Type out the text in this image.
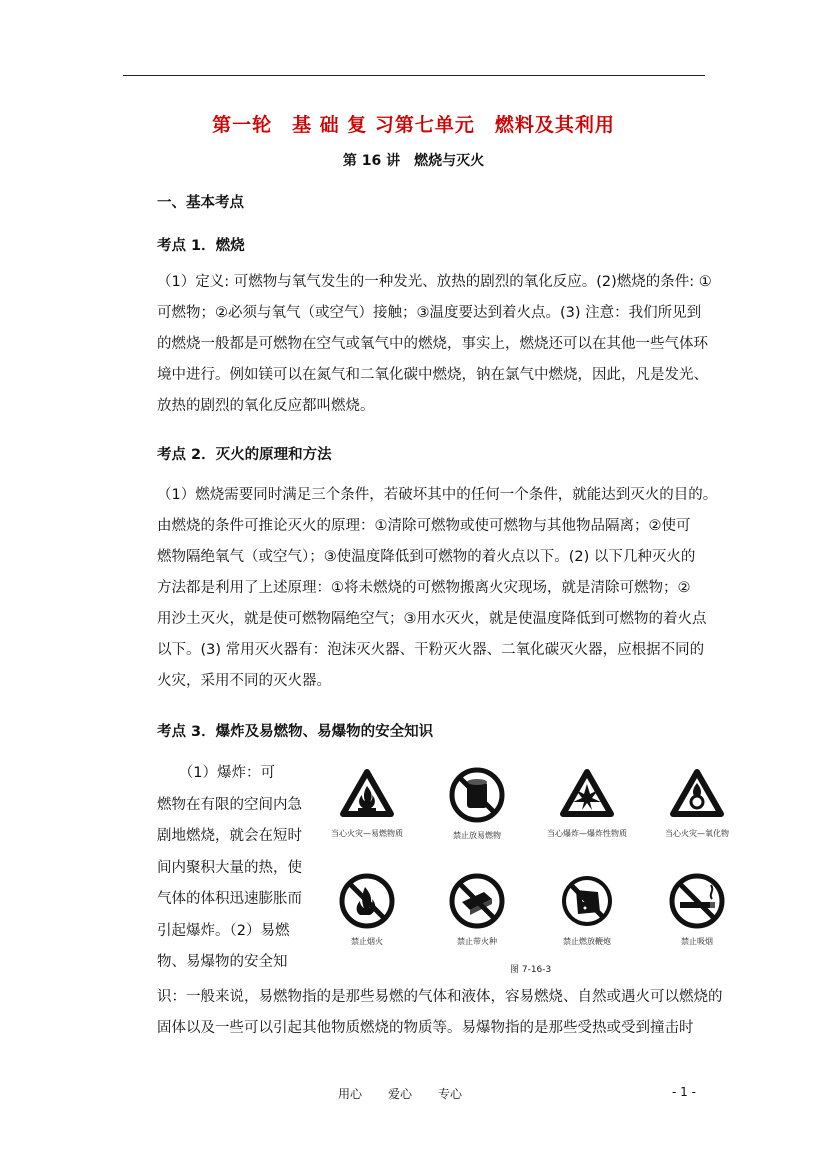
第一轮　基 础 复 习第七单元　燃料及其利用
第 16 讲　燃烧与灭火
一、基本考点
考点 1．燃烧
（1）定义: 可燃物与氧气发生的一种发光、放热的剧烈的氧化反应。(2)燃烧的条件: ①
可燃物；②必须与氧气（或空气）接触；③温度要达到着火点。(3) 注意：我们所见到
的燃烧一般都是可燃物在空气或氧气中的燃烧，事实上，燃烧还可以在其他一些气体环
境中进行。例如镁可以在氮气和二氧化碳中燃烧，钠在氯气中燃烧，因此，凡是发光、
放热的剧烈的氧化反应都叫燃烧。
考点 2．灭火的原理和方法
（1）燃烧需要同时满足三个条件，若破坏其中的任何一个条件，就能达到灭火的目的。
由燃烧的条件可推论灭火的原理：①清除可燃物或使可燃物与其他物品隔离；②使可
燃物隔绝氧气（或空气）；③使温度降低到可燃物的着火点以下。(2) 以下几种灭火的
方法都是利用了上述原理：①将未燃烧的可燃物搬离火灾现场，就是清除可燃物；②
用沙土灭火，就是使可燃物隔绝空气；③用水灭火，就是使温度降低到可燃物的着火点
以下。(3) 常用灭火器有：泡沫灭火器、干粉灭火器、二氧化碳灭火器，应根据不同的
火灾，采用不同的灭火器。
考点 3．爆炸及易燃物、易爆物的安全知识
　　（1）爆炸：可
燃物在有限的空间内急
剧地燃烧，就会在短时
间内聚积大量的热，使
气体的体积迅速膨胀而
引起爆炸。（2）易燃
物、易爆物的安全知
当心火灾—易燃物质	禁止放易燃物	当心爆炸—爆炸性物质	当心火灾—氧化物
禁止烟火	禁止带火种	禁止燃放鞭炮	禁止吸烟
图 7-16-3
识：一般来说，易燃物指的是那些易燃的气体和液体，容易燃烧、自然或遇火可以燃烧的
固体以及一些可以引起其他物质燃烧的物质等。易爆物指的是那些受热或受到撞击时
用心 爱心 专心	- 1 -
